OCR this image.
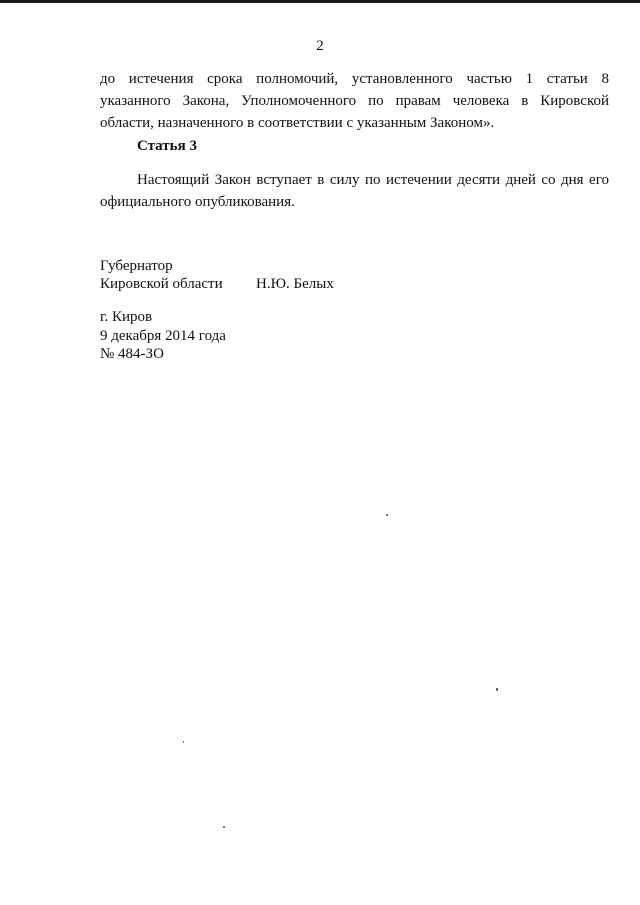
2
до истечения срока полномочий, установленного частью 1 статьи 8
указанного Закона, Уполномоченного по правам человека в Кировской
области, назначенного в соответствии с указанным Законом».
Статья 3
Настоящий Закон вступает в силу по истечении десяти дней со дня его
официального опубликования.
Губернатор
Кировской области Н.Ю. Белых
г. Киров
9 декабря 2014 года
№ 484-ЗО
